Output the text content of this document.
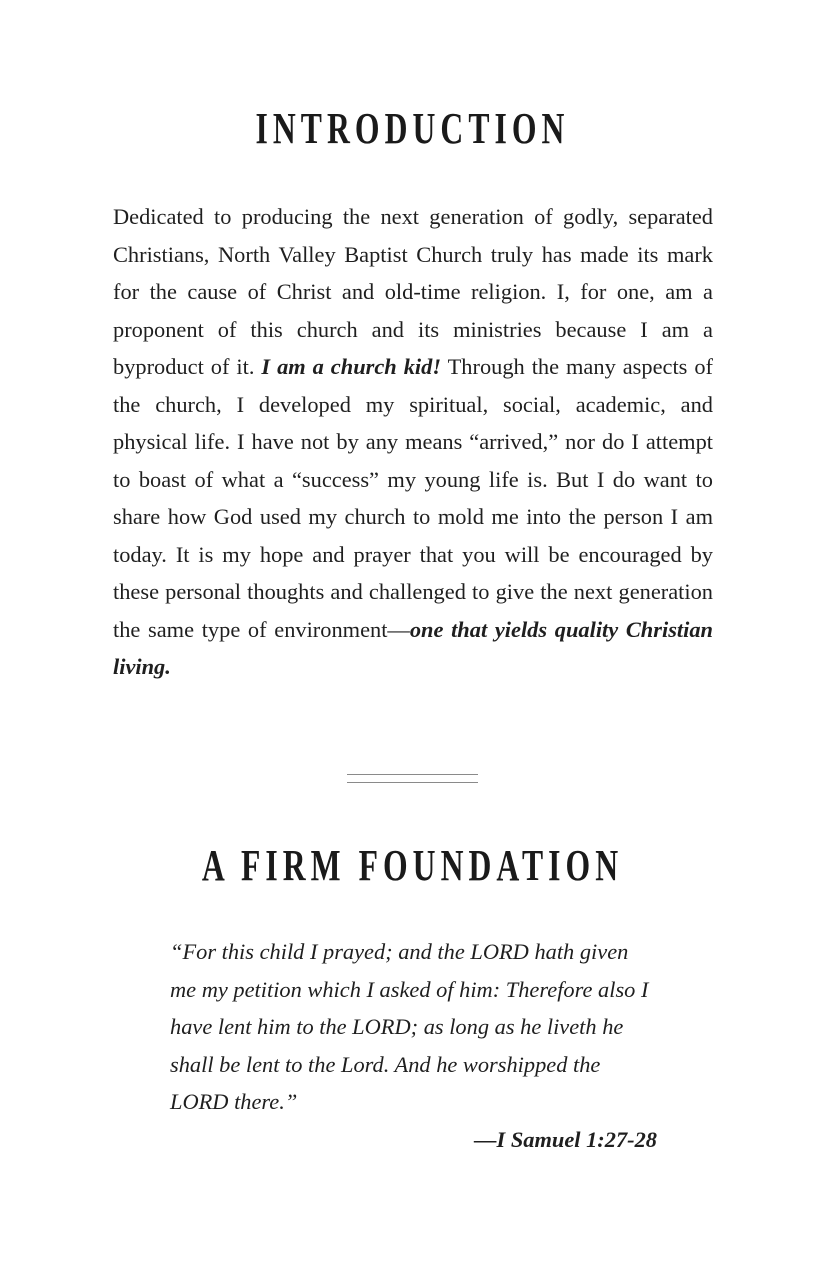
INTRODUCTION

Dedicated to producing the next generation of godly, separated Christians, North Valley Baptist Church truly has made its mark for the cause of Christ and old-time religion. I, for one, am a proponent of this church and its ministries because I am a byproduct of it. I am a church kid! Through the many aspects of the church, I developed my spiritual, social, academic, and physical life. I have not by any means “arrived,” nor do I attempt to boast of what a “success” my young life is. But I do want to share how God used my church to mold me into the person I am today. It is my hope and prayer that you will be encouraged by these personal thoughts and challenged to give the next generation the same type of environment—one that yields quality Christian living.

A FIRM FOUNDATION

“For this child I prayed; and the LORD hath given me my petition which I asked of him: Therefore also I have lent him to the LORD; as long as he liveth he shall be lent to the Lord. And he worshipped the LORD there.”

—I Samuel 1:27-28
